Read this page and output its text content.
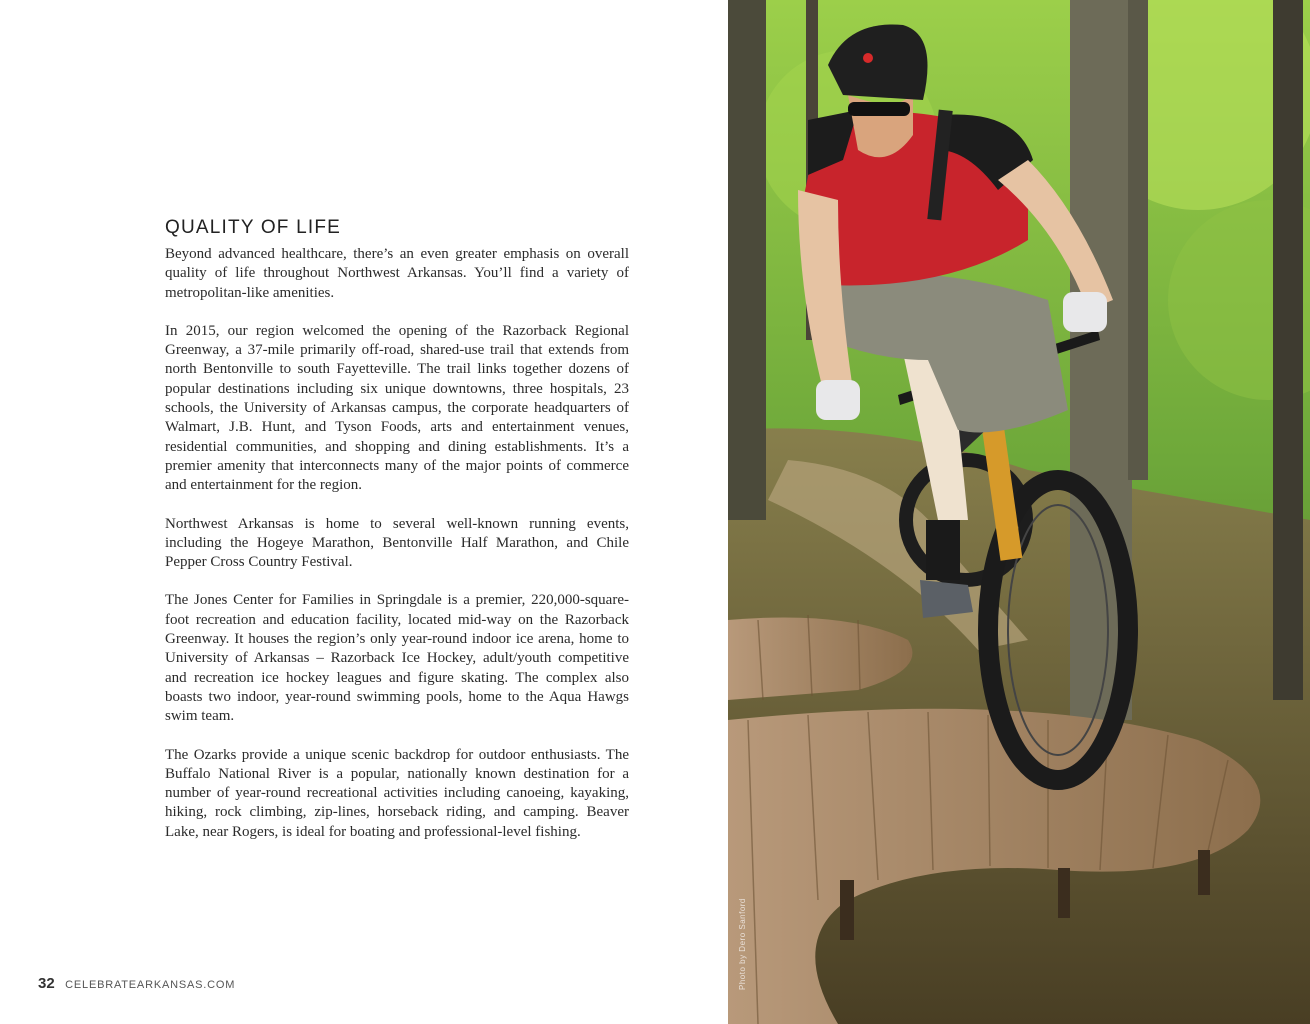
QUALITY OF LIFE

Beyond advanced healthcare, there’s an even greater emphasis on overall quality of life throughout Northwest Arkansas. You’ll find a variety of metropolitan-like amenities.

In 2015, our region welcomed the opening of the Razorback Regional Greenway, a 37-mile primarily off-road, shared-use trail that extends from north Bentonville to south Fayetteville. The trail links together dozens of popular destinations including six unique downtowns, three hospitals, 23 schools, the University of Arkansas campus, the corporate headquarters of Walmart, J.B. Hunt, and Tyson Foods, arts and entertainment venues, residential communities, and shopping and dining establishments. It’s a premier amenity that interconnects many of the major points of commerce and entertainment for the region.

Northwest Arkansas is home to several well-known running events, including the Hogeye Marathon, Bentonville Half Marathon, and Chile Pepper Cross Country Festival.

The Jones Center for Families in Springdale is a premier, 220,000-square-foot recreation and education facility, located mid-way on the Razorback Greenway. It houses the region’s only year-round indoor ice arena, home to University of Arkansas – Razorback Ice Hockey, adult/youth competitive and recreation ice hockey leagues and figure skating. The complex also boasts two indoor, year-round swimming pools, home to the Aqua Hawgs swim team.

The Ozarks provide a unique scenic backdrop for outdoor enthusiasts. The Buffalo National River is a popular, nationally known destination for a number of year-round recreational activities including canoeing, kayaking, hiking, rock climbing, zip-lines, horseback riding, and camping. Beaver Lake, near Rogers, is ideal for boating and professional-level fishing.

32 CELEBRATEARKANSAS.COM	Photo by Dero Sanford
